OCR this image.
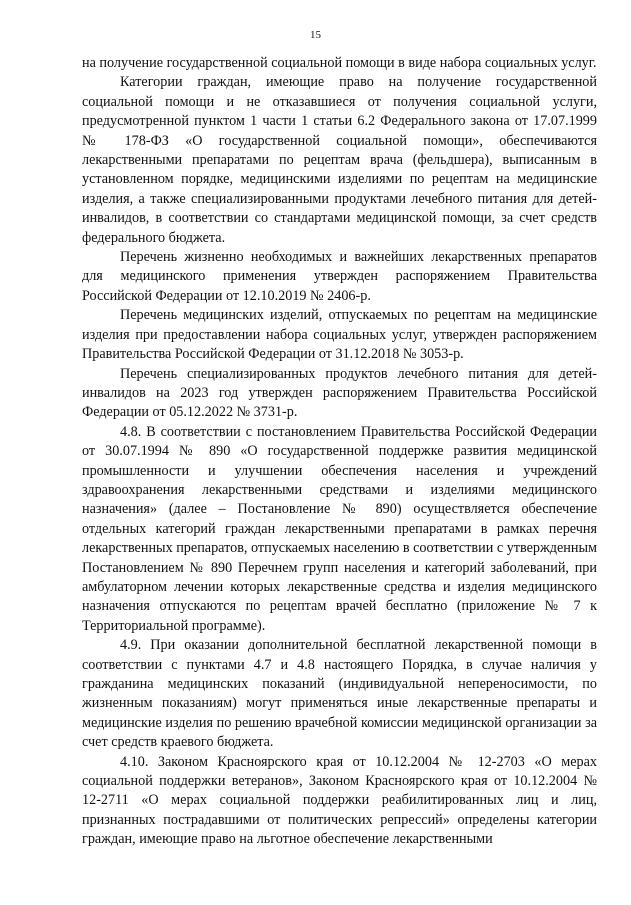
15

на получение государственной социальной помощи в виде набора социальных услуг.

Категории граждан, имеющие право на получение государственной социальной помощи и не отказавшиеся от получения социальной услуги, предусмотренной пунктом 1 части 1 статьи 6.2 Федерального закона от 17.07.1999 № 178-ФЗ «О государственной социальной помощи», обеспечиваются лекарственными препаратами по рецептам врача (фельдшера), выписанным в установленном порядке, медицинскими изделиями по рецептам на медицинские изделия, а также специализированными продуктами лечебного питания для детей-инвалидов, в соответствии со стандартами медицинской помощи, за счет средств федерального бюджета.

Перечень жизненно необходимых и важнейших лекарственных препаратов для медицинского применения утвержден распоряжением Правительства Российской Федерации от 12.10.2019 № 2406-р.

Перечень медицинских изделий, отпускаемых по рецептам на медицинские изделия при предоставлении набора социальных услуг, утвержден распоряжением Правительства Российской Федерации от 31.12.2018 № 3053-р.

Перечень специализированных продуктов лечебного питания для детей-инвалидов на 2023 год утвержден распоряжением Правительства Российской Федерации от 05.12.2022 № 3731-р.

4.8. В соответствии с постановлением Правительства Российской Федерации от 30.07.1994 № 890 «О государственной поддержке развития медицинской промышленности и улучшении обеспечения населения и учреждений здравоохранения лекарственными средствами и изделиями медицинского назначения» (далее – Постановление № 890) осуществляется обеспечение отдельных категорий граждан лекарственными препаратами в рамках перечня лекарственных препаратов, отпускаемых населению в соответствии с утвержденным Постановлением № 890 Перечнем групп населения и категорий заболеваний, при амбулаторном лечении которых лекарственные средства и изделия медицинского назначения отпускаются по рецептам врачей бесплатно (приложение № 7 к Территориальной программе).

4.9. При оказании дополнительной бесплатной лекарственной помощи в соответствии с пунктами 4.7 и 4.8 настоящего Порядка, в случае наличия у гражданина медицинских показаний (индивидуальной непереносимости, по жизненным показаниям) могут применяться иные лекарственные препараты и медицинские изделия по решению врачебной комиссии медицинской организации за счет средств краевого бюджета.

4.10. Законом Красноярского края от 10.12.2004 № 12-2703 «О мерах социальной поддержки ветеранов», Законом Красноярского края от 10.12.2004 № 12-2711 «О мерах социальной поддержки реабилитированных лиц и лиц, признанных пострадавшими от политических репрессий» определены категории граждан, имеющие право на льготное обеспечение лекарственными
